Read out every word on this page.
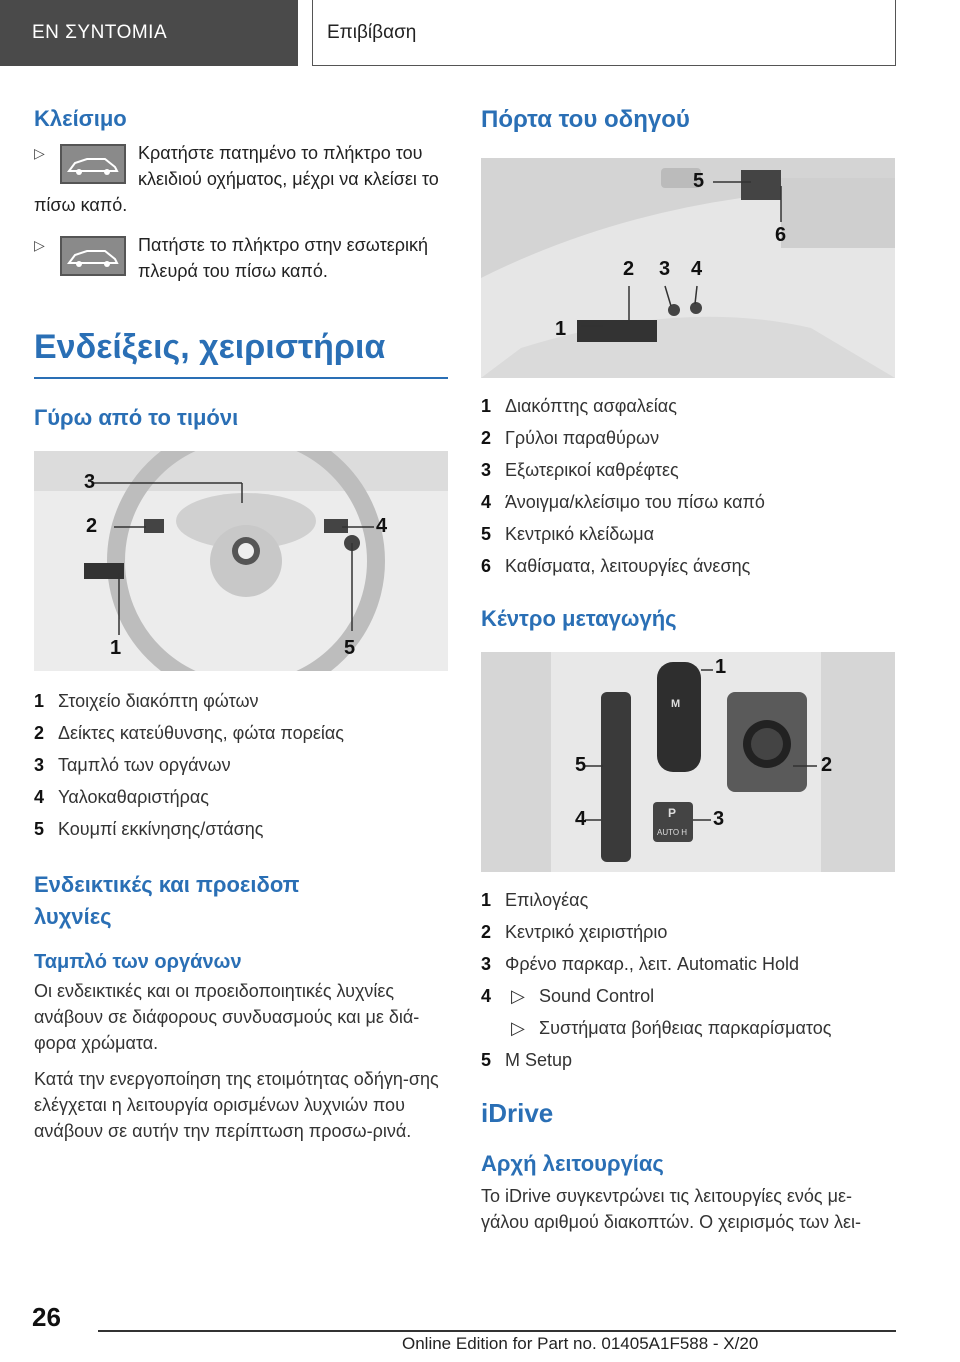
ΕΝ ΣΥΝΤΟΜΙΑ	Επιβίβαση
Κλείσιμο
▷	Κρατήστε πατημένο το πλήκτρο του κλειδιού οχήματος, μέχρι να κλείσει το πίσω καπό.
▷	Πατήστε το πλήκτρο στην εσωτερική πλευρά του πίσω καπό.
Ενδείξεις, χειριστήρια
Γύρω από το τιμόνι
1
2
3
4
5
1 Στοιχείο διακόπτη φώτων
2 Δείκτες κατεύθυνσης, φώτα πορείας
3 Ταμπλό των οργάνων
4 Υαλοκαθαριστήρας
5 Κουμπί εκκίνησης/στάσης
Ενδεικτικές και προειδοπ
λυχνίες
Ταμπλό των οργάνων
Οι ενδεικτικές και οι προειδοποιητικές λυχνίες ανάβουν σε διάφορους συνδυασμούς και με διά-φορα χρώματα.
Κατά την ενεργοποίηση της ετοιμότητας οδήγη-σης ελέγχεται η λειτουργία ορισμένων λυχνιών που ανάβουν σε αυτήν την περίπτωση προσω-ρινά.
Πόρτα του οδηγού
1
2 3 4
5
6
1 Διακόπτης ασφαλείας
2 Γρύλοι παραθύρων
3 Εξωτερικοί καθρέφτες
4 Άνοιγμα/κλείσιμο του πίσω καπό
5 Κεντρικό κλείδωμα
6 Καθίσματα, λειτουργίες άνεσης
Κέντρο μεταγωγής
M
P
AUTO H
1
2
3
4
5
1 Επιλογέας
2 Κεντρικό χειριστήριο
3 Φρένο παρκαρ., λειτ. Automatic Hold
4 ▷ Sound Control
▷ Συστήματα βοήθειας παρκαρίσματος
5 M Setup
iDrive
Αρχή λειτουργίας
Το iDrive συγκεντρώνει τις λειτουργίες ενός με-γάλου αριθμού διακοπτών. Ο χειρισμός των λει-
26
Online Edition for Part no. 01405A1F588 - X/20
